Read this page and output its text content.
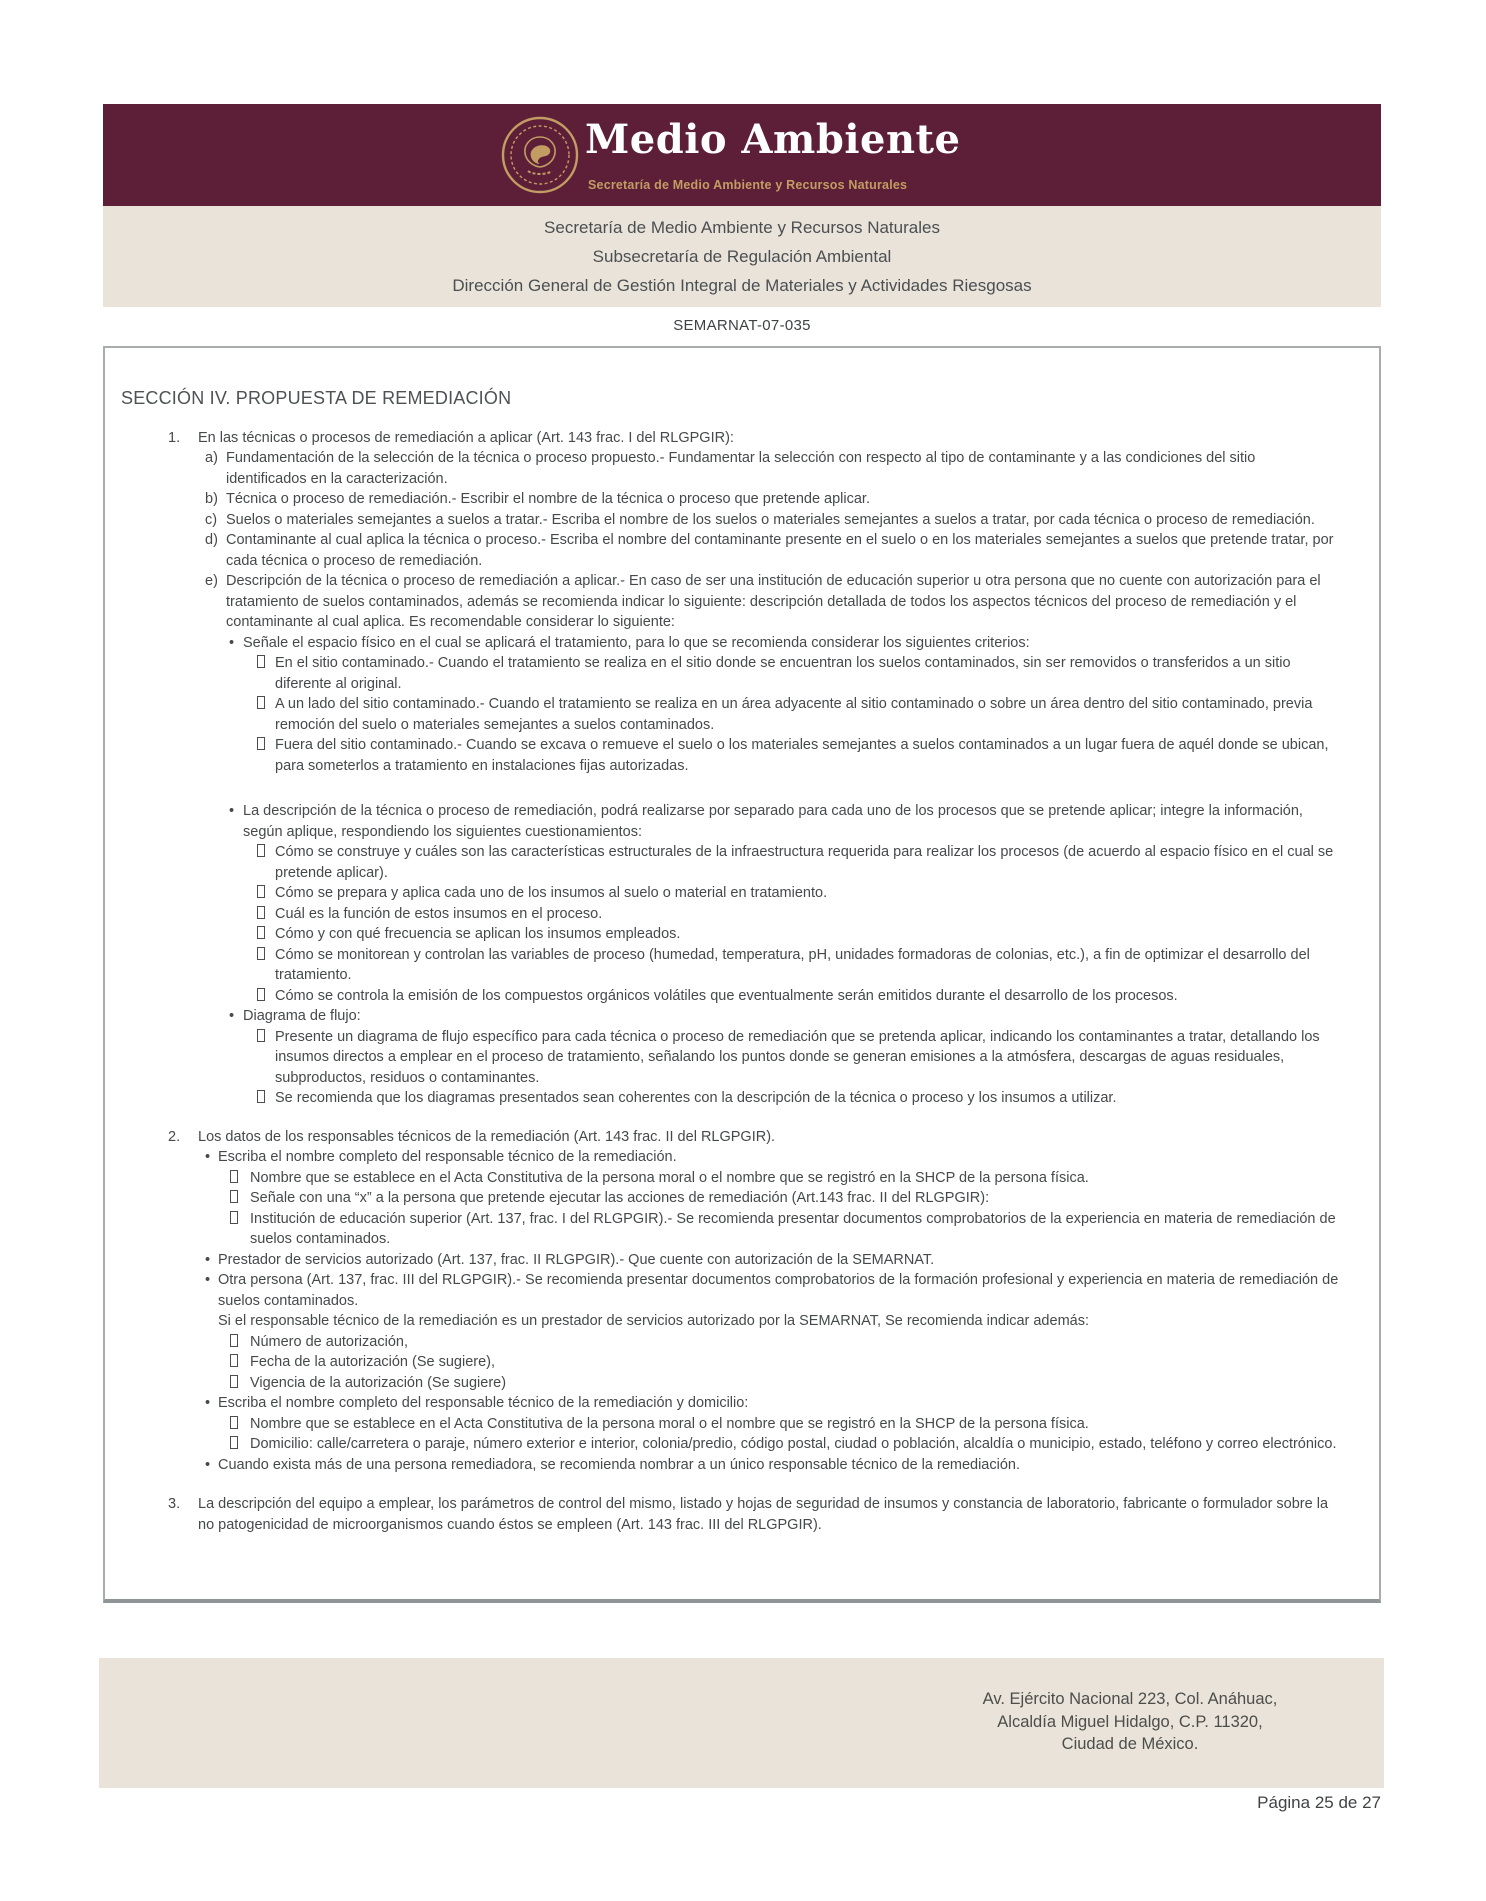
Medio Ambiente
Secretaría de Medio Ambiente y Recursos Naturales
Secretaría de Medio Ambiente y Recursos Naturales
Subsecretaría de Regulación Ambiental
Dirección General de Gestión Integral de Materiales y Actividades Riesgosas
SEMARNAT-07-035
SECCIÓN IV. PROPUESTA DE REMEDIACIÓN
1. En las técnicas o procesos de remediación a aplicar (Art. 143 frac. I del RLGPGIR):
a) Fundamentación de la selección de la técnica o proceso propuesto.- Fundamentar la selección con respecto al tipo de contaminante y a las condiciones del sitio identificados en la caracterización.
b) Técnica o proceso de remediación.- Escribir el nombre de la técnica o proceso que pretende aplicar.
c) Suelos o materiales semejantes a suelos a tratar.- Escriba el nombre de los suelos o materiales semejantes a suelos a tratar, por cada técnica o proceso de remediación.
d) Contaminante al cual aplica la técnica o proceso.- Escriba el nombre del contaminante presente en el suelo o en los materiales semejantes a suelos que pretende tratar, por cada técnica o proceso de remediación.
e) Descripción de la técnica o proceso de remediación a aplicar.- En caso de ser una institución de educación superior u otra persona que no cuente con autorización para el tratamiento de suelos contaminados, además se recomienda indicar lo siguiente: descripción detallada de todos los aspectos técnicos del proceso de remediación y el contaminante al cual aplica. Es recomendable considerar lo siguiente:
• Señale el espacio físico en el cual se aplicará el tratamiento, para lo que se recomienda considerar los siguientes criterios:
En el sitio contaminado.- Cuando el tratamiento se realiza en el sitio donde se encuentran los suelos contaminados, sin ser removidos o transferidos a un sitio diferente al original.
A un lado del sitio contaminado.- Cuando el tratamiento se realiza en un área adyacente al sitio contaminado o sobre un área dentro del sitio contaminado, previa remoción del suelo o materiales semejantes a suelos contaminados.
Fuera del sitio contaminado.- Cuando se excava o remueve el suelo o los materiales semejantes a suelos contaminados a un lugar fuera de aquél donde se ubican, para someterlos a tratamiento en instalaciones fijas autorizadas.
• La descripción de la técnica o proceso de remediación, podrá realizarse por separado para cada uno de los procesos que se pretende aplicar; integre la información, según aplique, respondiendo los siguientes cuestionamientos:
Cómo se construye y cuáles son las características estructurales de la infraestructura requerida para realizar los procesos (de acuerdo al espacio físico en el cual se pretende aplicar).
Cómo se prepara y aplica cada uno de los insumos al suelo o material en tratamiento.
Cuál es la función de estos insumos en el proceso.
Cómo y con qué frecuencia se aplican los insumos empleados.
Cómo se monitorean y controlan las variables de proceso (humedad, temperatura, pH, unidades formadoras de colonias, etc.), a fin de optimizar el desarrollo del tratamiento.
Cómo se controla la emisión de los compuestos orgánicos volátiles que eventualmente serán emitidos durante el desarrollo de los procesos.
• Diagrama de flujo:
Presente un diagrama de flujo específico para cada técnica o proceso de remediación que se pretenda aplicar, indicando los contaminantes a tratar, detallando los insumos directos a emplear en el proceso de tratamiento, señalando los puntos donde se generan emisiones a la atmósfera, descargas de aguas residuales, subproductos, residuos o contaminantes.
Se recomienda que los diagramas presentados sean coherentes con la descripción de la técnica o proceso y los insumos a utilizar.
2. Los datos de los responsables técnicos de la remediación (Art. 143 frac. II del RLGPGIR).
• Escriba el nombre completo del responsable técnico de la remediación.
Nombre que se establece en el Acta Constitutiva de la persona moral o el nombre que se registró en la SHCP de la persona física.
Señale con una “x” a la persona que pretende ejecutar las acciones de remediación (Art.143 frac. II del RLGPGIR):
Institución de educación superior (Art. 137, frac. I del RLGPGIR).- Se recomienda presentar documentos comprobatorios de la experiencia en materia de remediación de suelos contaminados.
• Prestador de servicios autorizado (Art. 137, frac. II RLGPGIR).- Que cuente con autorización de la SEMARNAT.
• Otra persona (Art. 137, frac. III del RLGPGIR).- Se recomienda presentar documentos comprobatorios de la formación profesional y experiencia en materia de remediación de suelos contaminados.
Si el responsable técnico de la remediación es un prestador de servicios autorizado por la SEMARNAT, Se recomienda indicar además:
Número de autorización,
Fecha de la autorización (Se sugiere),
Vigencia de la autorización (Se sugiere)
• Escriba el nombre completo del responsable técnico de la remediación y domicilio:
Nombre que se establece en el Acta Constitutiva de la persona moral o el nombre que se registró en la SHCP de la persona física.
Domicilio: calle/carretera o paraje, número exterior e interior, colonia/predio, código postal, ciudad o población, alcaldía o municipio, estado, teléfono y correo electrónico.
• Cuando exista más de una persona remediadora, se recomienda nombrar a un único responsable técnico de la remediación.
3. La descripción del equipo a emplear, los parámetros de control del mismo, listado y hojas de seguridad de insumos y constancia de laboratorio, fabricante o formulador sobre la no patogenicidad de microorganismos cuando éstos se empleen (Art. 143 frac. III del RLGPGIR).
Av. Ejército Nacional 223, Col. Anáhuac,
Alcaldía Miguel Hidalgo, C.P. 11320,
Ciudad de México.
Página 25 de 27
